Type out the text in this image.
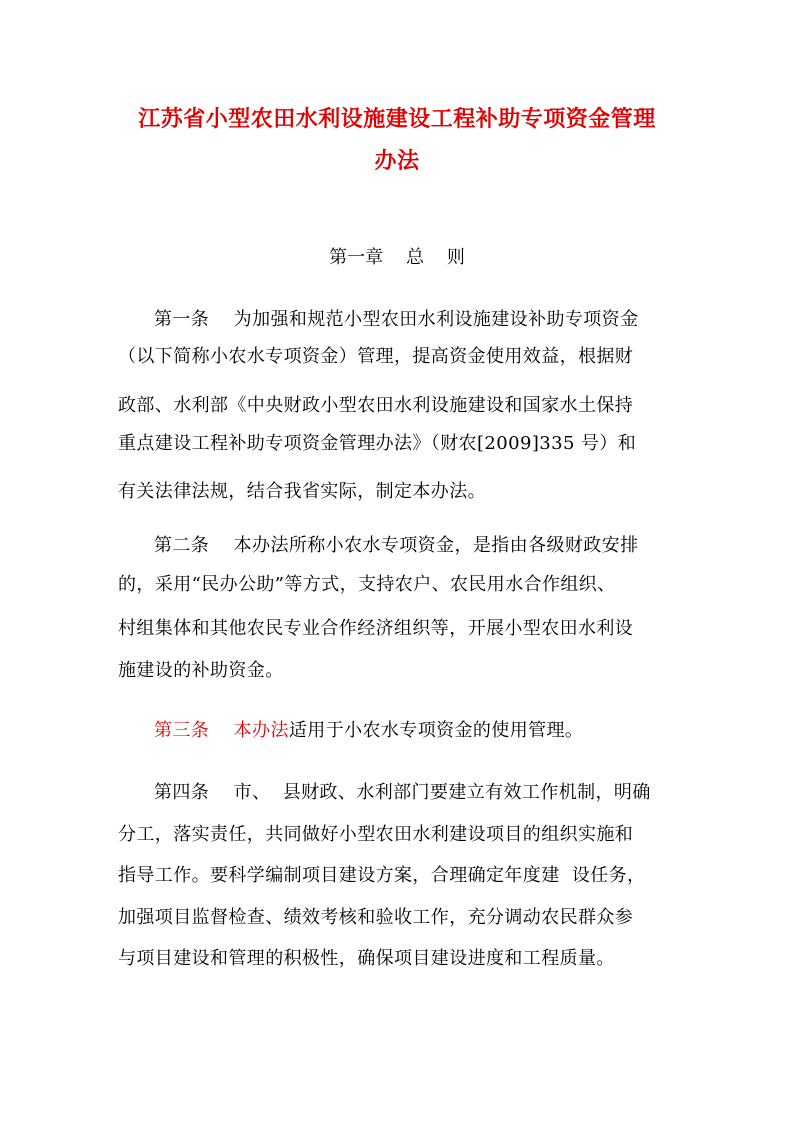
江苏省小型农田水利设施建设工程补助专项资金管理
办法
第一章    总    则
第一条    为加强和规范小型农田水利设施建设补助专项资金
（以下简称小农水专项资金）管理，提高资金使用效益，根据财
政部、水利部《中央财政小型农田水利设施建设和国家水土保持
重点建设工程补助专项资金管理办法》（财农[2009]335 号）和
有关法律法规，结合我省实际，制定本办法。
第二条    本办法所称小农水专项资金，是指由各级财政安排
的，采用“民办公助”等方式，支持农户、农民用水合作组织、
村组集体和其他农民专业合作经济组织等，开展小型农田水利设
施建设的补助资金。
第三条    本办法适用于小农水专项资金的使用管理。
第四条    市、  县财政、水利部门要建立有效工作机制，明确
分工，落实责任，共同做好小型农田水利建设项目的组织实施和
指导工作。要科学编制项目建设方案，合理确定年度建  设任务，
加强项目监督检查、绩效考核和验收工作，充分调动农民群众参
与项目建设和管理的积极性，确保项目建设进度和工程质量。
